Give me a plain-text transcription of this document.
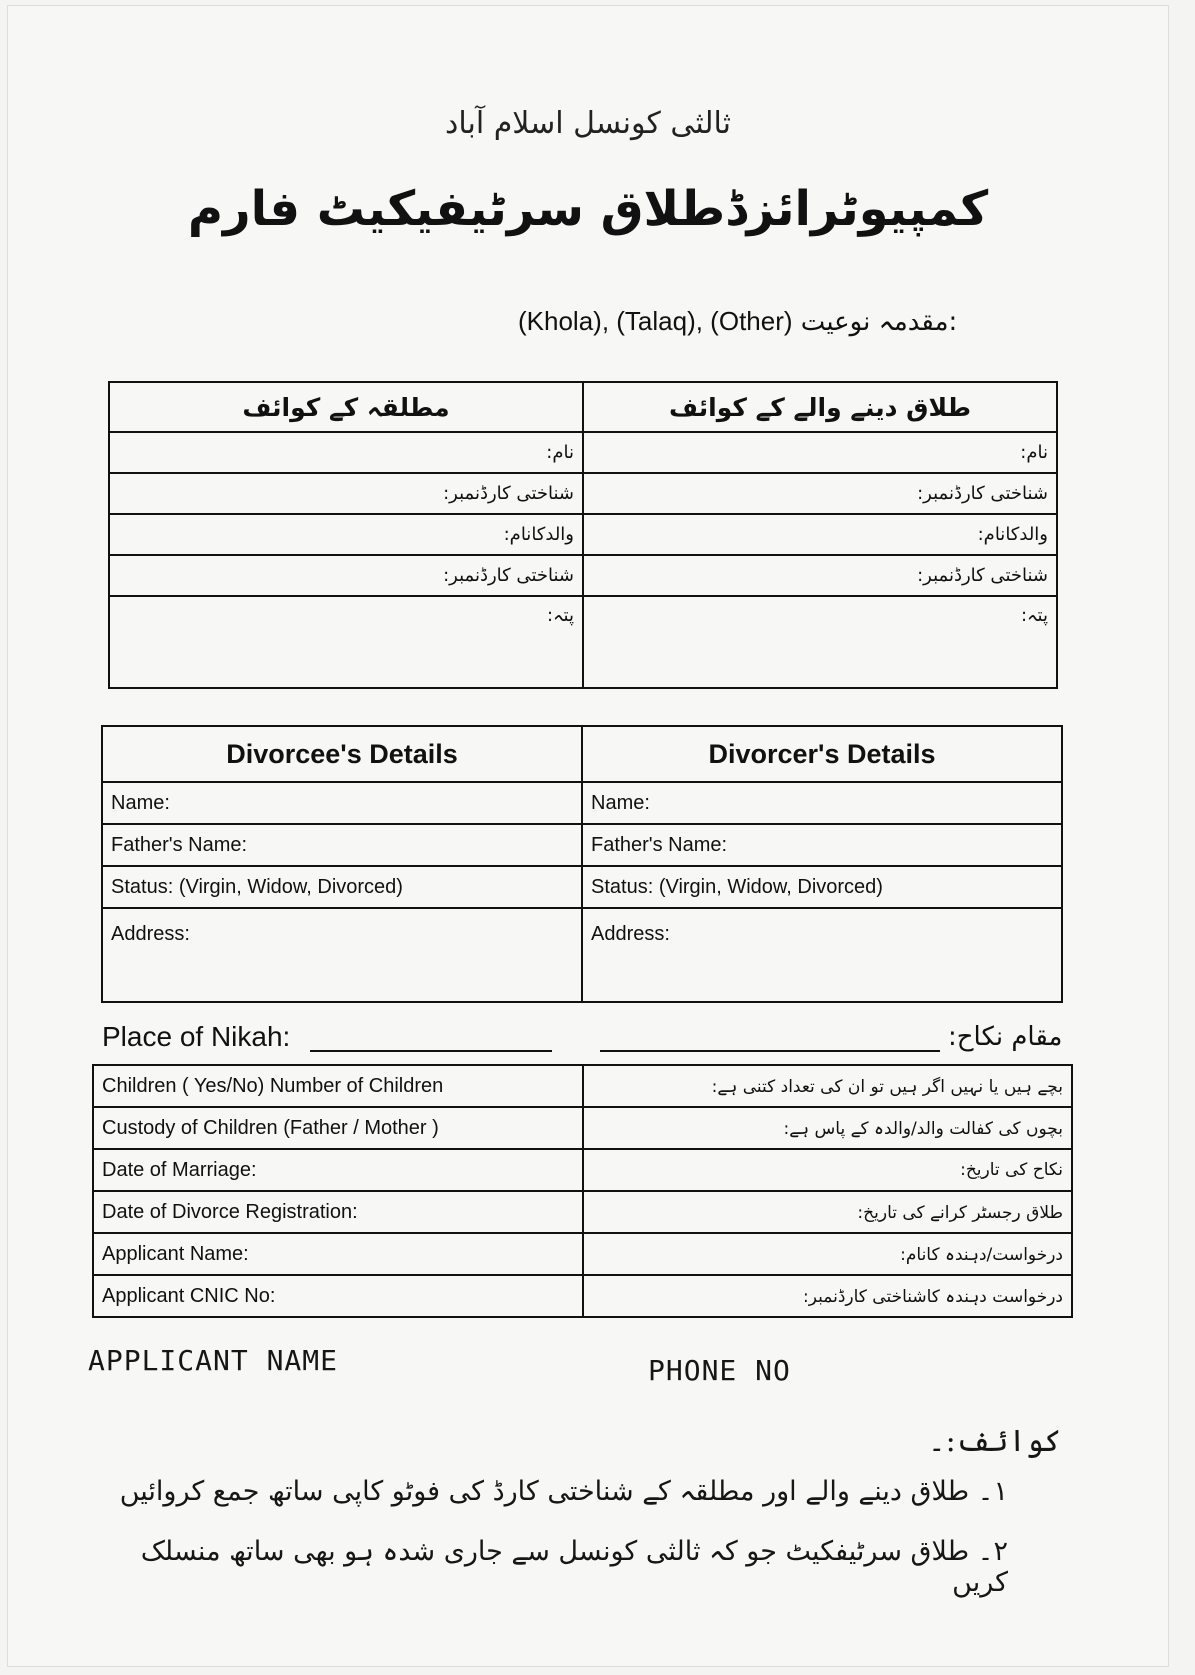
ثالثی کونسل اسلام آباد
کمپیوٹرائزڈطلاق سرٹیفیکیٹ فارم
(Khola), (Talaq), (Other) مقدمہ نوعیت:
طلاق دینے والے کے کوائف	مطلقہ کے کوائف
نام:	نام:
شناختی کارڈنمبر:	شناختی کارڈنمبر:
والدکانام:	والدکانام:
شناختی کارڈنمبر:	شناختی کارڈنمبر:
پتہ:	پتہ:
Divorcee's Details	Divorcer's Details
Name:	Name:
Father's Name:	Father's Name:
Status: (Virgin, Widow, Divorced)	Status: (Virgin, Widow, Divorced)
Address:	Address:
Place of Nikah:	مقام نکاح:
Children ( Yes/No) Number of Children	بچے ہیں یا نہیں اگر ہیں تو ان کی تعداد کتنی ہے:
Custody of Children (Father / Mother )	بچوں کی کفالت والد/والدہ کے پاس ہے:
Date of Marriage:	نکاح کی تاریخ:
Date of Divorce Registration:	طلاق رجسٹر کرانے کی تاریخ:
Applicant Name:	درخواست/دہندہ کانام:
Applicant CNIC No:	درخواست دہندہ کاشناختی کارڈنمبر:
APPLICANT NAME	PHONE NO
کوائف:۔
۱۔ طلاق دینے والے اور مطلقہ کے شناختی کارڈ کی فوٹو کاپی ساتھ جمع کروائیں
۲۔ طلاق سرٹیفکیٹ جو کہ ثالثی کونسل سے جاری شدہ ہو بھی ساتھ منسلک کریں
